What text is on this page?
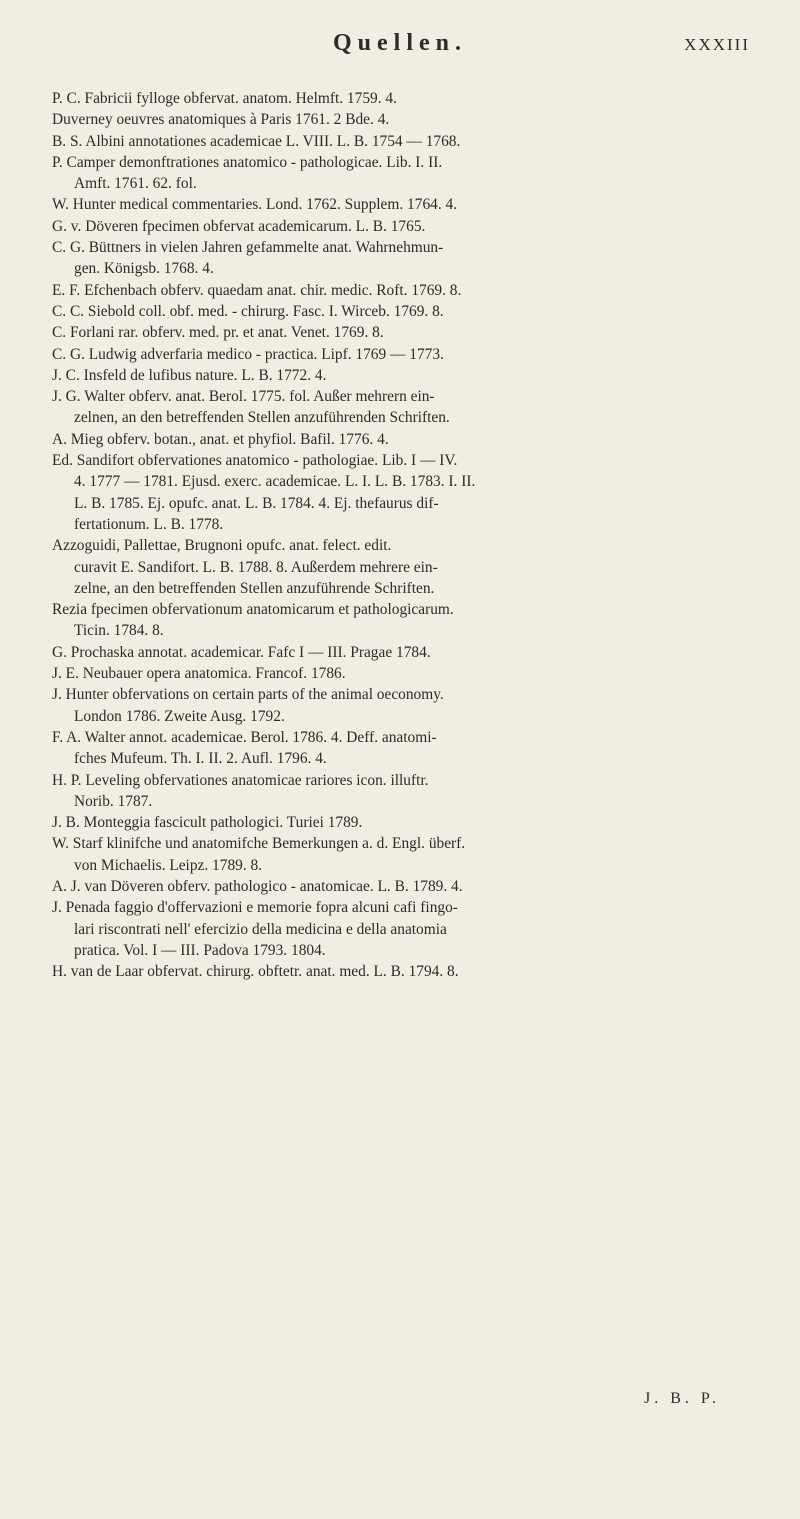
Quellen.	XXXIII
P. C. Fabricii fylloge obfervat. anatom. Helmft. 1759. 4.
Duverney oeuvres anatomiques à Paris 1761. 2 Bde. 4.
B. S. Albini annotationes academicae L. VIII. L. B. 1754 — 1768.
P. Camper demonftrationes anatomico - pathologicae. Lib. I. II.
Amft. 1761. 62. fol.
W. Hunter medical commentaries. Lond. 1762. Supplem. 1764. 4.
G. v. Döveren fpecimen obfervat academicarum. L. B. 1765.
C. G. Büttners in vielen Jahren gefammelte anat. Wahrnehmun-
gen. Königsb. 1768. 4.
E. F. Efchenbach obferv. quaedam anat. chir. medic. Roft. 1769. 8.
C. C. Siebold coll. obf. med. - chirurg. Fasc. I. Wirceb. 1769. 8.
C. Forlani rar. obferv. med. pr. et anat. Venet. 1769. 8.
C. G. Ludwig adverfaria medico - practica. Lipf. 1769 — 1773.
J. C. Insfeld de lufibus nature. L. B. 1772. 4.
J. G. Walter obferv. anat. Berol. 1775. fol. Außer mehrern ein-
zelnen, an den betreffenden Stellen anzuführenden Schriften.
A. Mieg obferv. botan., anat. et phyfiol. Bafil. 1776. 4.
Ed. Sandifort obfervationes anatomico - pathologiae. Lib. I — IV.
4. 1777 — 1781. Ejusd. exerc. academicae. L. I. L. B. 1783. I. II.
L. B. 1785. Ej. opufc. anat. L. B. 1784. 4. Ej. thefaurus dif-
fertationum. L. B. 1778.
Azzoguidi, Pallettae, Brugnoni opufc. anat. felect. edit.
curavit E. Sandifort. L. B. 1788. 8. Außerdem mehrere ein-
zelne, an den betreffenden Stellen anzuführende Schriften.
Rezia fpecimen obfervationum anatomicarum et pathologicarum.
Ticin. 1784. 8.
G. Prochaska annotat. academicar. Fafc I — III. Pragae 1784.
J. E. Neubauer opera anatomica. Francof. 1786.
J. Hunter obfervations on certain parts of the animal oeconomy.
London 1786. Zweite Ausg. 1792.
F. A. Walter annot. academicae. Berol. 1786. 4. Deff. anatomi-
fches Mufeum. Th. I. II. 2. Aufl. 1796. 4.
H. P. Leveling obfervationes anatomicae rariores icon. illuftr.
Norib. 1787.
J. B. Monteggia fascicult pathologici. Turiei 1789.
W. Starf klinifche und anatomifche Bemerkungen a. d. Engl. überf.
von Michaelis. Leipz. 1789. 8.
A. J. van Döveren obferv. pathologico - anatomicae. L. B. 1789. 4.
J. Penada faggio d'offervazioni e memorie fopra alcuni cafi fingo-
lari riscontrati nell' efercizio della medicina e della anatomia
pratica. Vol. I — III. Padova 1793. 1804.
H. van de Laar obfervat. chirurg. obftetr. anat. med. L. B. 1794. 8.
J. B. P.
